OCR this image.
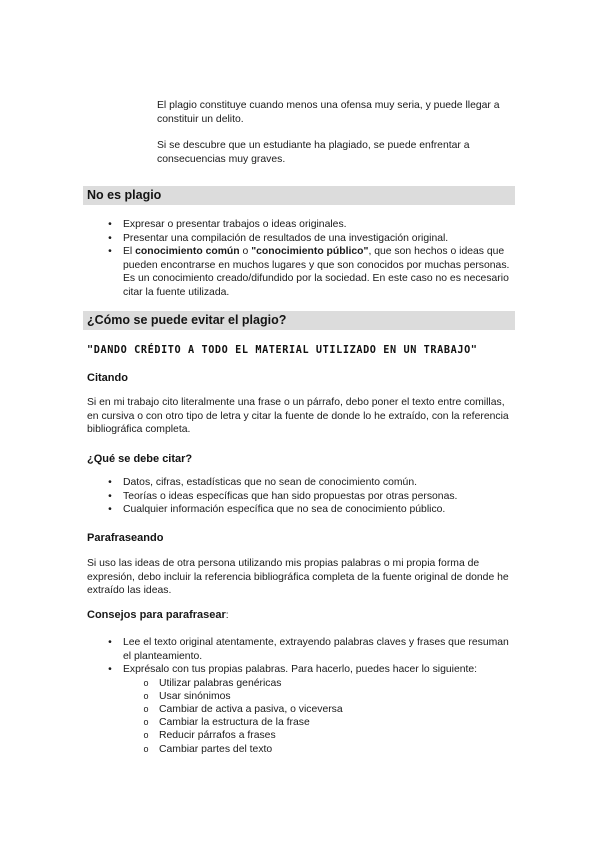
El plagio constituye cuando menos una ofensa muy seria, y puede llegar a constituir un delito.
Si se descubre que un estudiante ha plagiado, se puede enfrentar a consecuencias muy graves.
No es plagio
•	Expresar o presentar trabajos o ideas originales.
•	Presentar una compilación de resultados de una investigación original.
•	El conocimiento común o "conocimiento público", que son hechos o ideas que pueden encontrarse en muchos lugares y que son conocidos por muchas personas. Es un conocimiento creado/difundido por la sociedad. En este caso no es necesario citar la fuente utilizada.
¿Cómo se puede evitar el plagio?
"DANDO CRÉDITO A TODO EL MATERIAL UTILIZADO EN UN TRABAJO"
Citando
Si en mi trabajo cito literalmente una frase o un párrafo, debo poner el texto entre comillas, en cursiva o con otro tipo de letra y citar la fuente de donde lo he extraído, con la referencia bibliográfica completa.
¿Qué se debe citar?
•	Datos, cifras, estadísticas que no sean de conocimiento común.
•	Teorías o ideas específicas que han sido propuestas por otras personas.
•	Cualquier información específica que no sea de conocimiento público.
Parafraseando
Si uso las ideas de otra persona utilizando mis propias palabras o mi propia forma de expresión, debo incluir la referencia bibliográfica completa de la fuente original de donde he extraído las ideas.
Consejos para parafrasear:
•	Lee el texto original atentamente, extrayendo palabras claves y frases que resuman el planteamiento.
•	Exprésalo con tus propias palabras. Para hacerlo, puedes hacer lo siguiente:
o Utilizar palabras genéricas
o Usar sinónimos
o Cambiar de activa a pasiva, o viceversa
o Cambiar la estructura de la frase
o Reducir párrafos a frases
o Cambiar partes del texto
